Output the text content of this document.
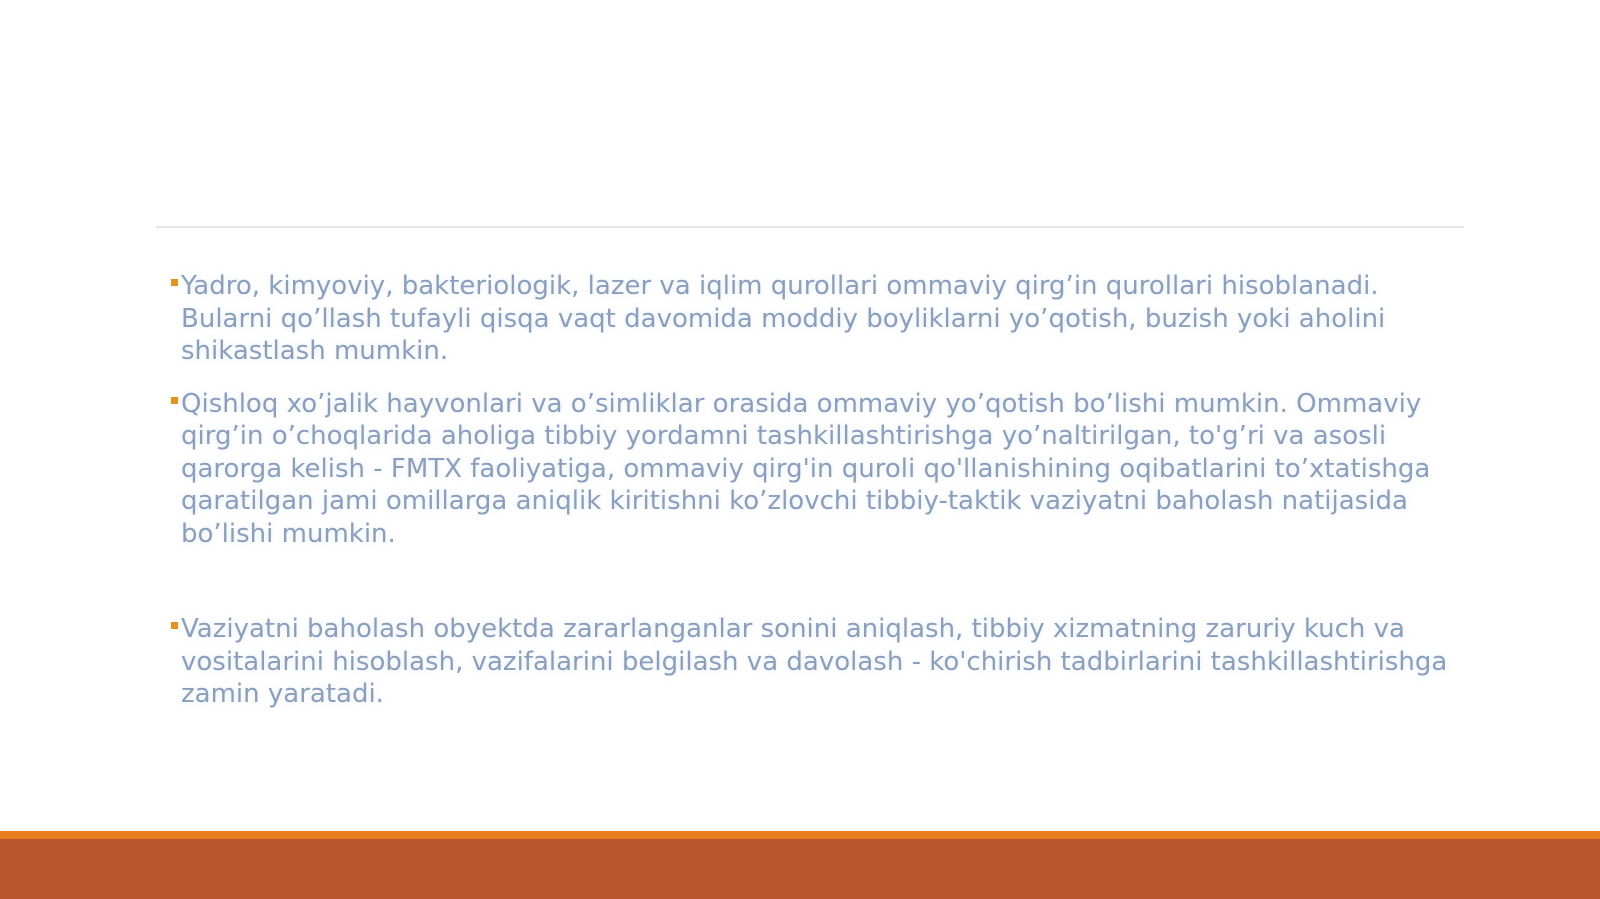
Yadro, kimyoviy, bakteriologik, lazer va iqlim qurollari ommaviy qirg’in qurollari hisoblanadi. Bularni qo’llash tufayli qisqa vaqt davomida moddiy boyliklarni yo’qotish, buzish yoki aholini shikastlash mumkin.

Qishloq xo’jalik hayvonlari va o’simliklar orasida ommaviy yo’qotish bo’lishi mumkin. Ommaviy qirg’in o’choqlarida aholiga tibbiy yordamni tashkillashtirishga yo’naltirilgan, to'g’ri va asosli qarorga kelish - FMTX faoliyatiga, ommaviy qirg'in quroli qo'llanishining oqibatlarini to’xtatishga qaratilgan jami omillarga aniqlik kiritishni ko’zlovchi tibbiy-taktik vaziyatni baholash natijasida bo’lishi mumkin.

Vaziyatni baholash obyektda zararlanganlar sonini aniqlash, tibbiy xizmatning zaruriy kuch va vositalarini hisoblash, vazifalarini belgilash va davolash - ko'chirish tadbirlarini tashkillashtirishga zamin yaratadi.
